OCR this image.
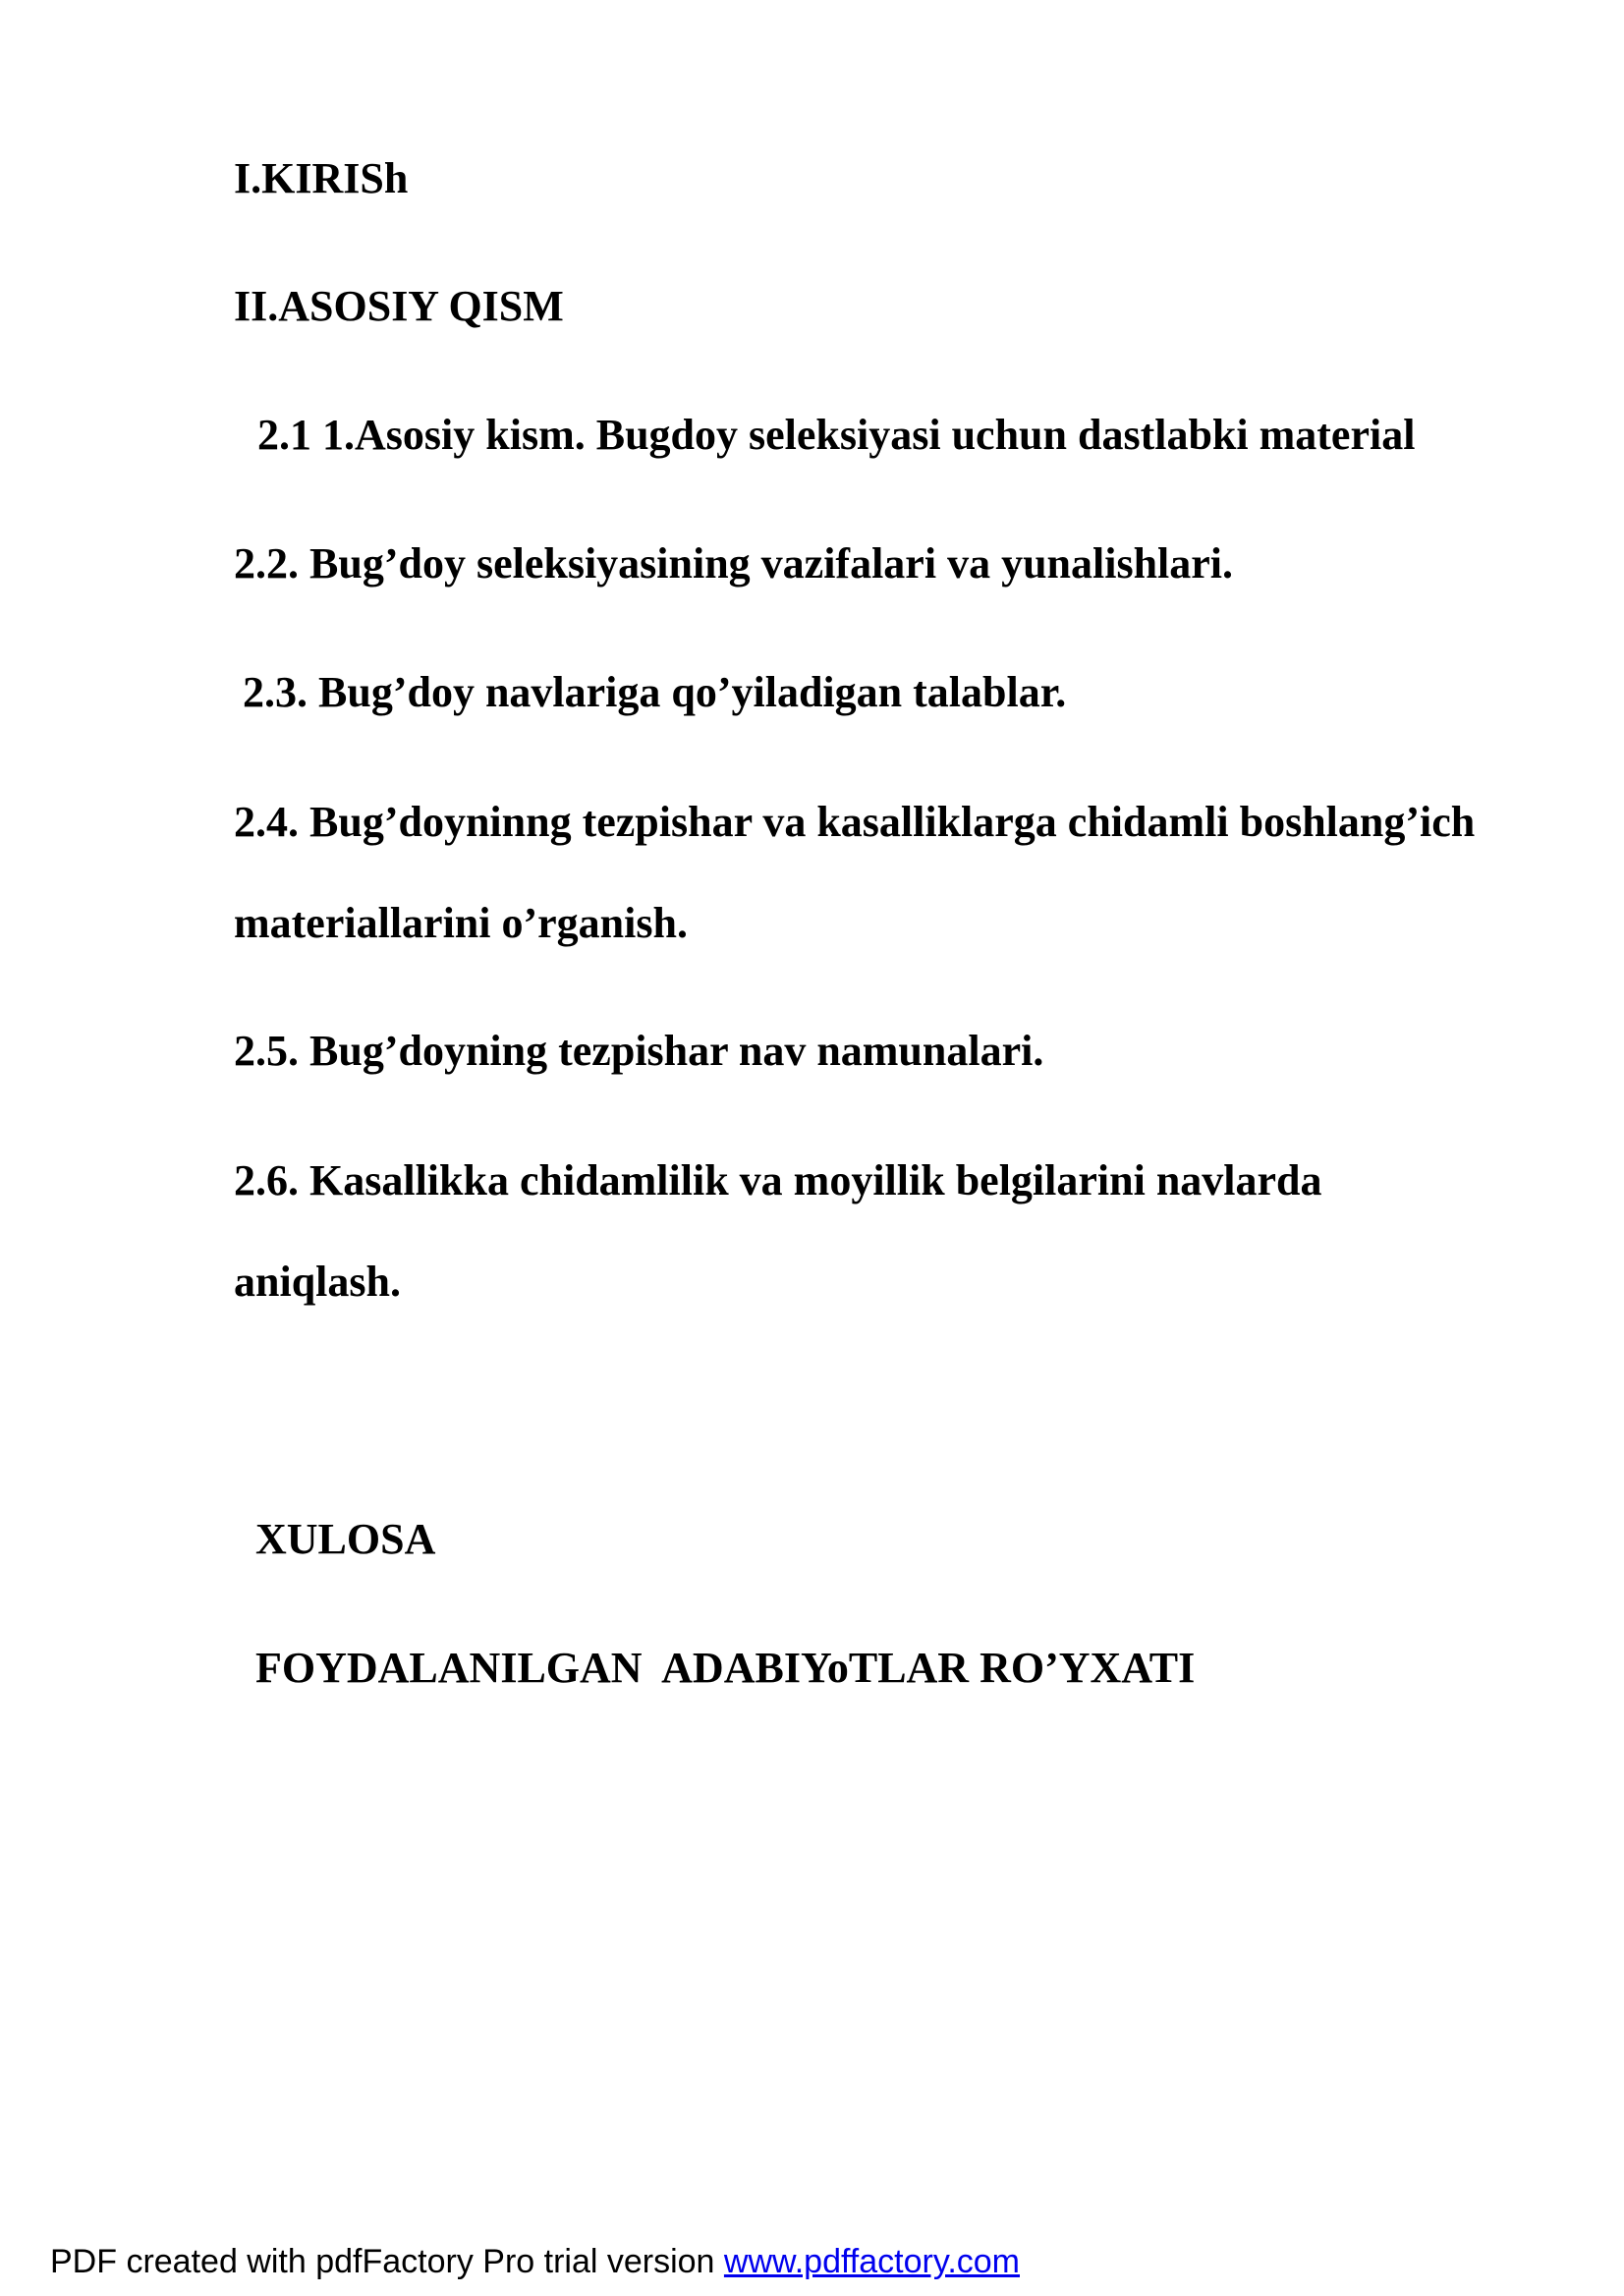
I.KIRISh

II.ASOSIY QISM

2.1 1.Asosiy kism. Bugdoy seleksiyasi uchun dastlabki material

2.2. Bug’doy seleksiyasining vazifalari va yunalishlari.

2.3. Bug’doy navlariga qo’yiladigan talablar.

2.4. Bug’doyninng tezpishar va kasalliklarga chidamli boshlang’ich

materiallarini o’rganish.

2.5. Bug’doyning tezpishar nav namunalari.

2.6. Kasallikka chidamlilik va moyillik belgilarini navlarda

aniqlash.

XULOSA

FOYDALANILGAN  ADABIYoTLAR RO’YXATI

PDF created with pdfFactory Pro trial version www.pdffactory.com
